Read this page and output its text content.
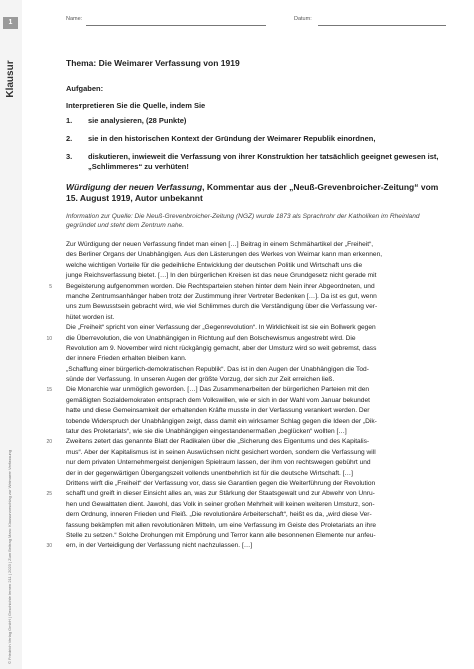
1
Klausur
© Friedrich Verlag GmbH | Geschichte lernen 211 | 2023 | Zum Beitrag Marx: Klausurvorschlag zur Weimarer Verfassung
Name:	Datum:
Thema: Die Weimarer Verfassung von 1919
Aufgaben:
Interpretieren Sie die Quelle, indem Sie
1.	sie analysieren, (28 Punkte)
2.	sie in den historischen Kontext der Gründung der Weimarer Republik einordnen,
3.	diskutieren, inwieweit die Verfassung von ihrer Konstruktion her tatsächlich geeignet gewesen ist, „Schlimmeres“ zu verhüten!
Würdigung der neuen Verfassung, Kommentar aus der „Neuß-Grevenbroicher-Zeitung“ vom 15. August 1919, Autor unbekannt
Information zur Quelle: Die Neuß-Grevenbroicher-Zeitung (NGZ) wurde 1873 als Sprachrohr der Katholiken im Rheinland gegründet und steht dem Zentrum nahe.
Zur Würdigung der neuen Verfassung findet man einen […] Beitrag in einem Schmähartikel der „Freiheit“,
des Berliner Organs der Unabhängigen. Aus den Lästerungen des Werkes von Weimar kann man erkennen,
welche wichtigen Vorteile für die gedeihliche Entwicklung der deutschen Politik und Wirtschaft uns die
junge Reichsverfassung bietet. […] In den bürgerlichen Kreisen ist das neue Grundgesetz nicht gerade mit
5 Begeisterung aufgenommen worden. Die Rechtsparteien stehen hinter dem Nein ihrer Abgeordneten, und
manche Zentrumsanhänger haben trotz der Zustimmung ihrer Vertreter Bedenken […]. Da ist es gut, wenn
uns zum Bewusstsein gebracht wird, wie viel Schlimmes durch die Verständigung über die Verfassung ver-
hütet worden ist.
Die „Freiheit“ spricht von einer Verfassung der „Gegenrevolution“. In Wirklichkeit ist sie ein Bollwerk gegen
10 die Überrevolution, die von Unabhängigen in Richtung auf den Bolschewismus angestrebt wird. Die
Revolution am 9. November wird nicht rückgängig gemacht, aber der Umsturz wird so weit gebremst, dass
der innere Frieden erhalten bleiben kann.
„Schaffung einer bürgerlich-demokratischen Republik“. Das ist in den Augen der Unabhängigen die Tod-
sünde der Verfassung. In unseren Augen der größte Vorzug, der sich zur Zeit erreichen ließ.
15 Die Monarchie war unmöglich geworden. […] Das Zusammenarbeiten der bürgerlichen Parteien mit den
gemäßigten Sozialdemokraten entsprach dem Volkswillen, wie er sich in der Wahl vom Januar bekundet
hatte und diese Gemeinsamkeit der erhaltenden Kräfte musste in der Verfassung verankert werden. Der
tobende Widerspruch der Unabhängigen zeigt, dass damit ein wirksamer Schlag gegen die Ideen der „Dik-
tatur des Proletariats“, wie sie die Unabhängigen eingestandenermaßen „beglücken“ wollten […]
20 Zweitens zetert das genannte Blatt der Radikalen über die „Sicherung des Eigentums und des Kapitalis-
mus“. Aber der Kapitalismus ist in seinen Auswüchsen nicht gesichert worden, sondern die Verfassung will
nur dem privaten Unternehmergeist denjenigen Spielraum lassen, der ihm von rechtswegen gebührt und
der in der gegenwärtigen Übergangszeit vollends unentbehrlich ist für die deutsche Wirtschaft. […]
Drittens wirft die „Freiheit“ der Verfassung vor, dass sie Garantien gegen die Weiterführung der Revolution
25 schafft und greift in dieser Einsicht alles an, was zur Stärkung der Staatsgewalt und zur Abwehr von Unru-
hen und Gewalttaten dient. Jawohl, das Volk in seiner großen Mehrheit will keinen weiteren Umsturz, son-
dern Ordnung, inneren Frieden und Fleiß. „Die revolutionäre Arbeiterschaft“, heißt es da, „wird diese Ver-
fassung bekämpfen mit allen revolutionären Mitteln, um eine Verfassung im Geiste des Proletariats an ihre
Stelle zu setzen.“ Solche Drohungen mit Empörung und Terror kann alle besonnenen Elemente nur anfeu-
30 ern, in der Verteidigung der Verfassung nicht nachzulassen. […]
